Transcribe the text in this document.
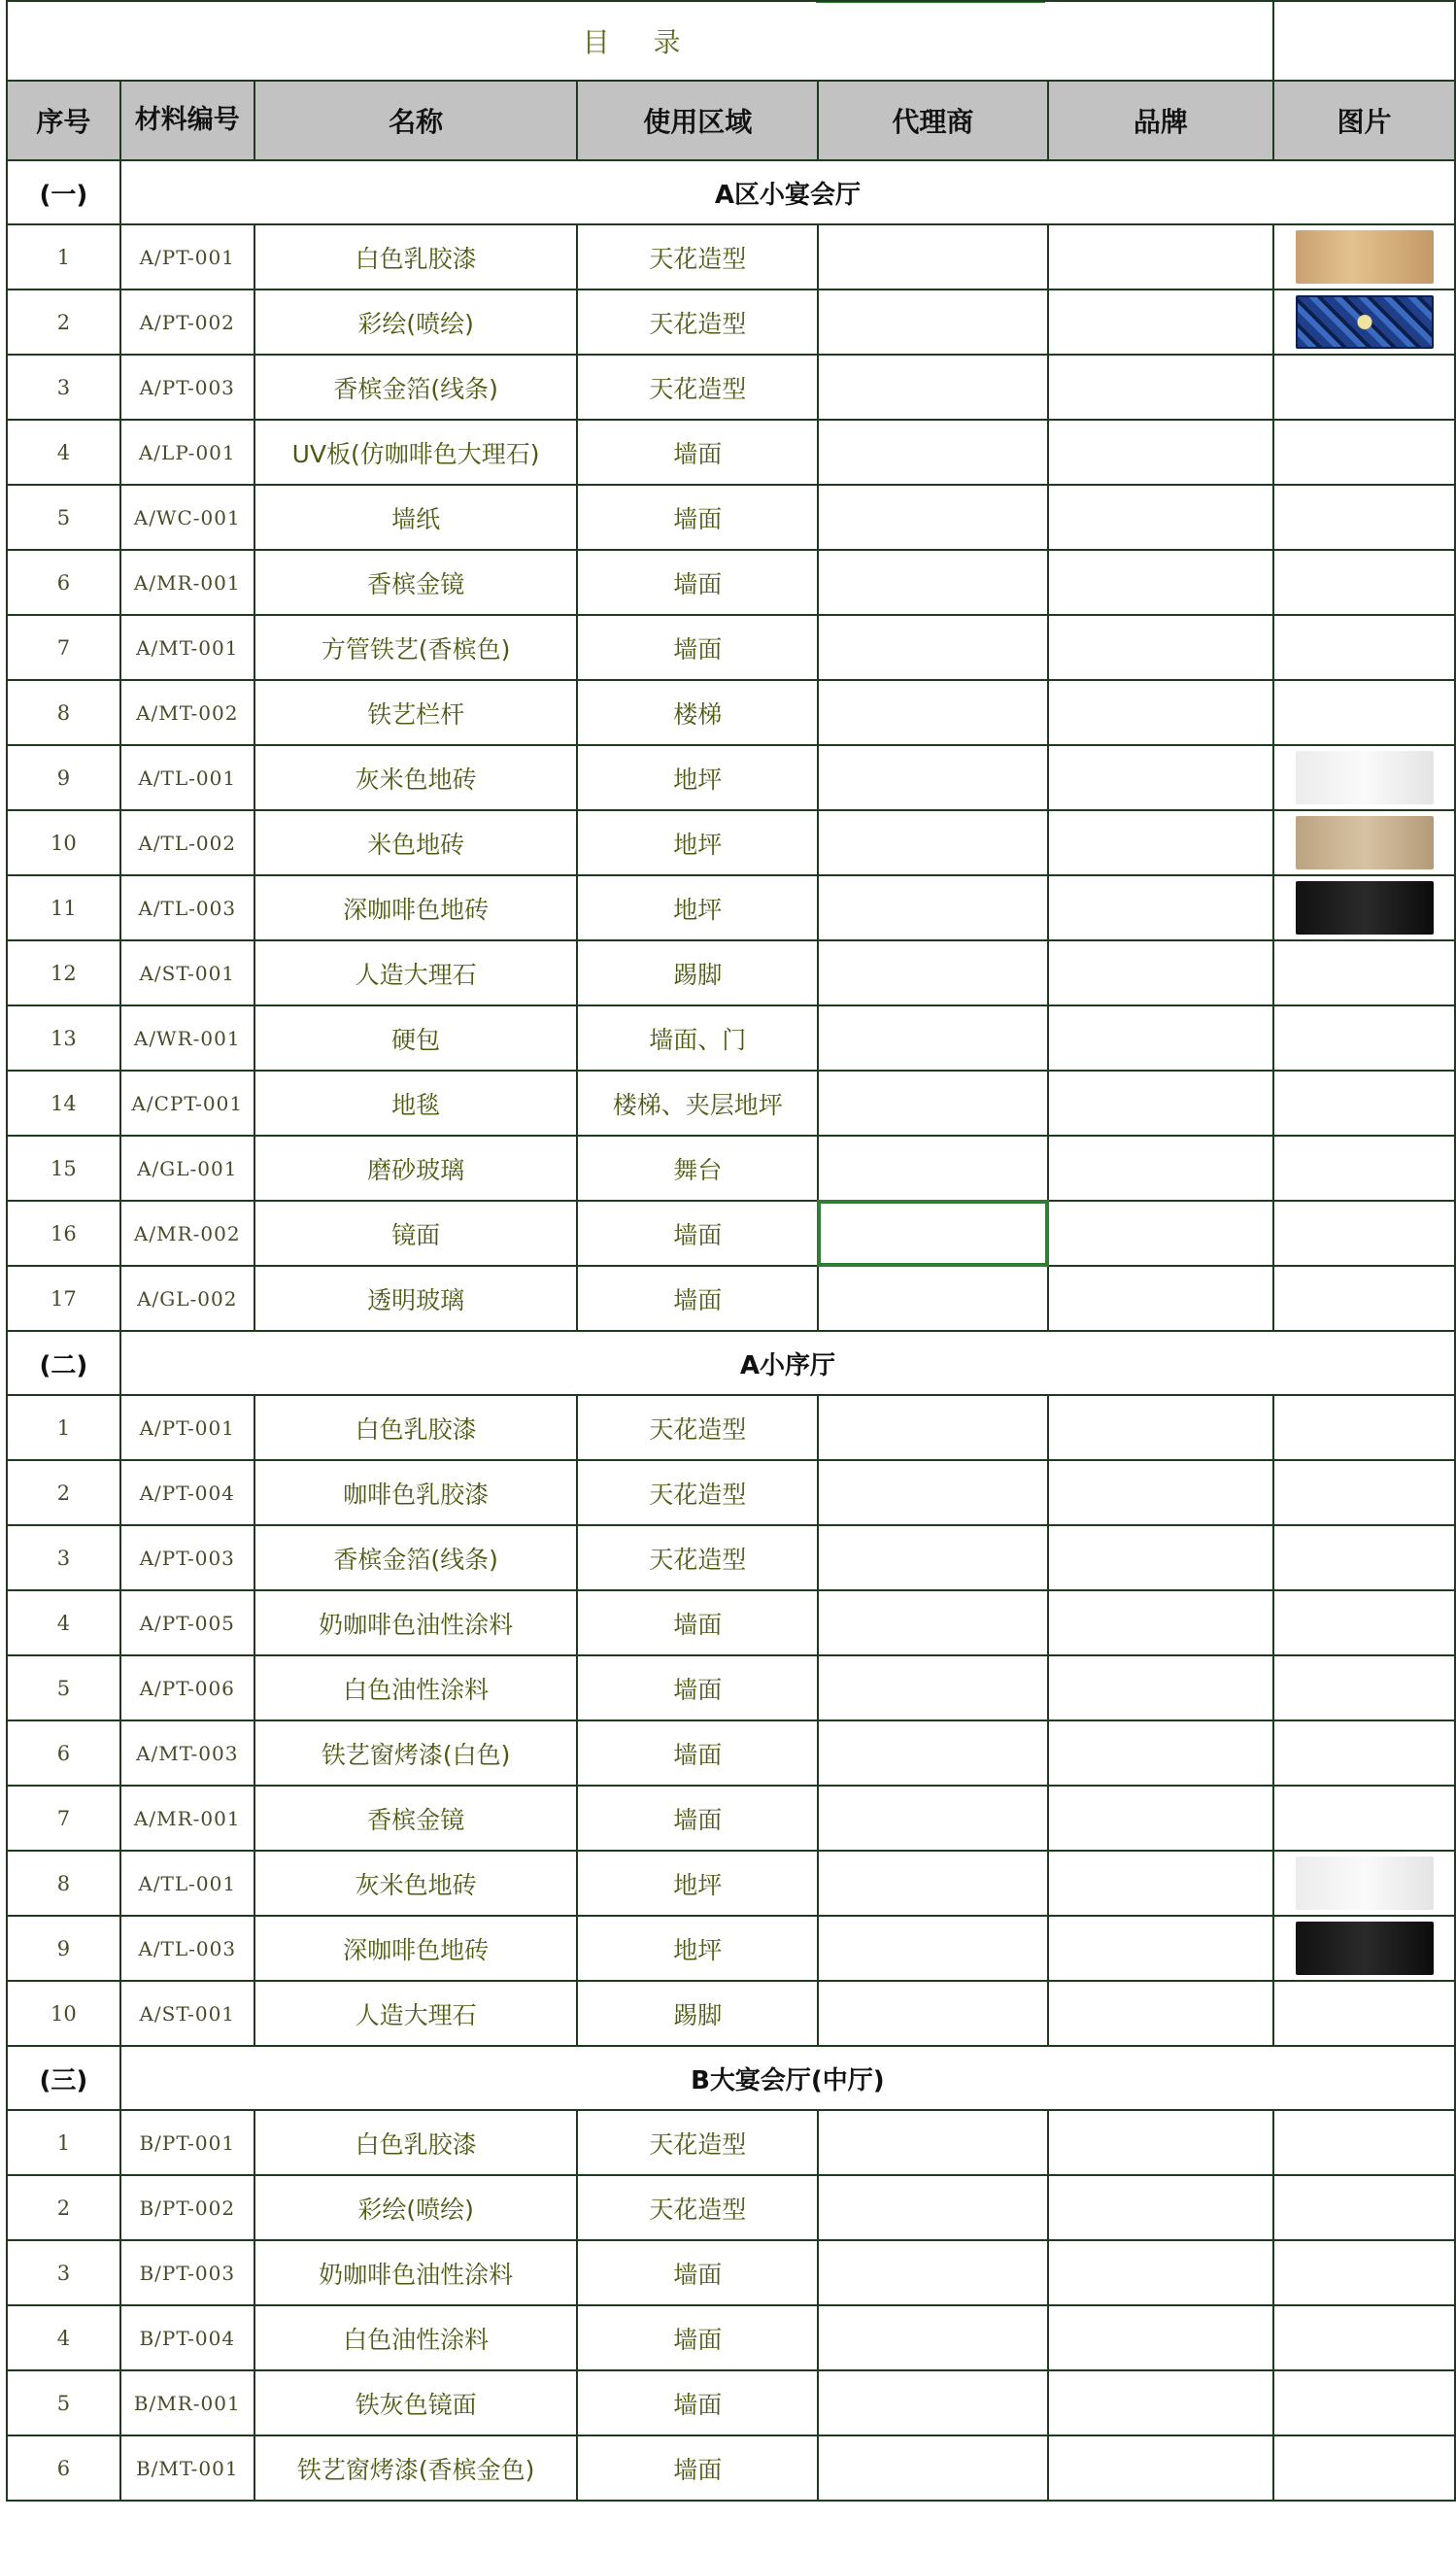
目 录						
序号	材料编号	名称	使用区域	代理商	品牌	图片
(一)	A区小宴会厅					
1	A/PT-001	白色乳胶漆	天花造型			

2	A/PT-002	彩绘(喷绘)	天花造型			

3	A/PT-003	香槟金箔(线条)	天花造型			
4	A/LP-001	UV板(仿咖啡色大理石)	墙面			
5	A/WC-001	墙纸	墙面			
6	A/MR-001	香槟金镜	墙面			
7	A/MT-001	方管铁艺(香槟色)	墙面			
8	A/MT-002	铁艺栏杆	楼梯			
9	A/TL-001	灰米色地砖	地坪			

10	A/TL-002	米色地砖	地坪			

11	A/TL-003	深咖啡色地砖	地坪			

12	A/ST-001	人造大理石	踢脚			
13	A/WR-001	硬包	墙面、门			
14	A/CPT-001	地毯	楼梯、夹层地坪			
15	A/GL-001	磨砂玻璃	舞台			
16	A/MR-002	镜面	墙面			
17	A/GL-002	透明玻璃	墙面			
(二)	A小序厅					
1	A/PT-001	白色乳胶漆	天花造型			
2	A/PT-004	咖啡色乳胶漆	天花造型			
3	A/PT-003	香槟金箔(线条)	天花造型			
4	A/PT-005	奶咖啡色油性涂料	墙面			
5	A/PT-006	白色油性涂料	墙面			
6	A/MT-003	铁艺窗烤漆(白色)	墙面			
7	A/MR-001	香槟金镜	墙面			
8	A/TL-001	灰米色地砖	地坪			

9	A/TL-003	深咖啡色地砖	地坪			

10	A/ST-001	人造大理石	踢脚			
(三)	B大宴会厅(中厅)					
1	B/PT-001	白色乳胶漆	天花造型			
2	B/PT-002	彩绘(喷绘)	天花造型			
3	B/PT-003	奶咖啡色油性涂料	墙面			
4	B/PT-004	白色油性涂料	墙面			
5	B/MR-001	铁灰色镜面	墙面			
6	B/MT-001	铁艺窗烤漆(香槟金色)	墙面			
